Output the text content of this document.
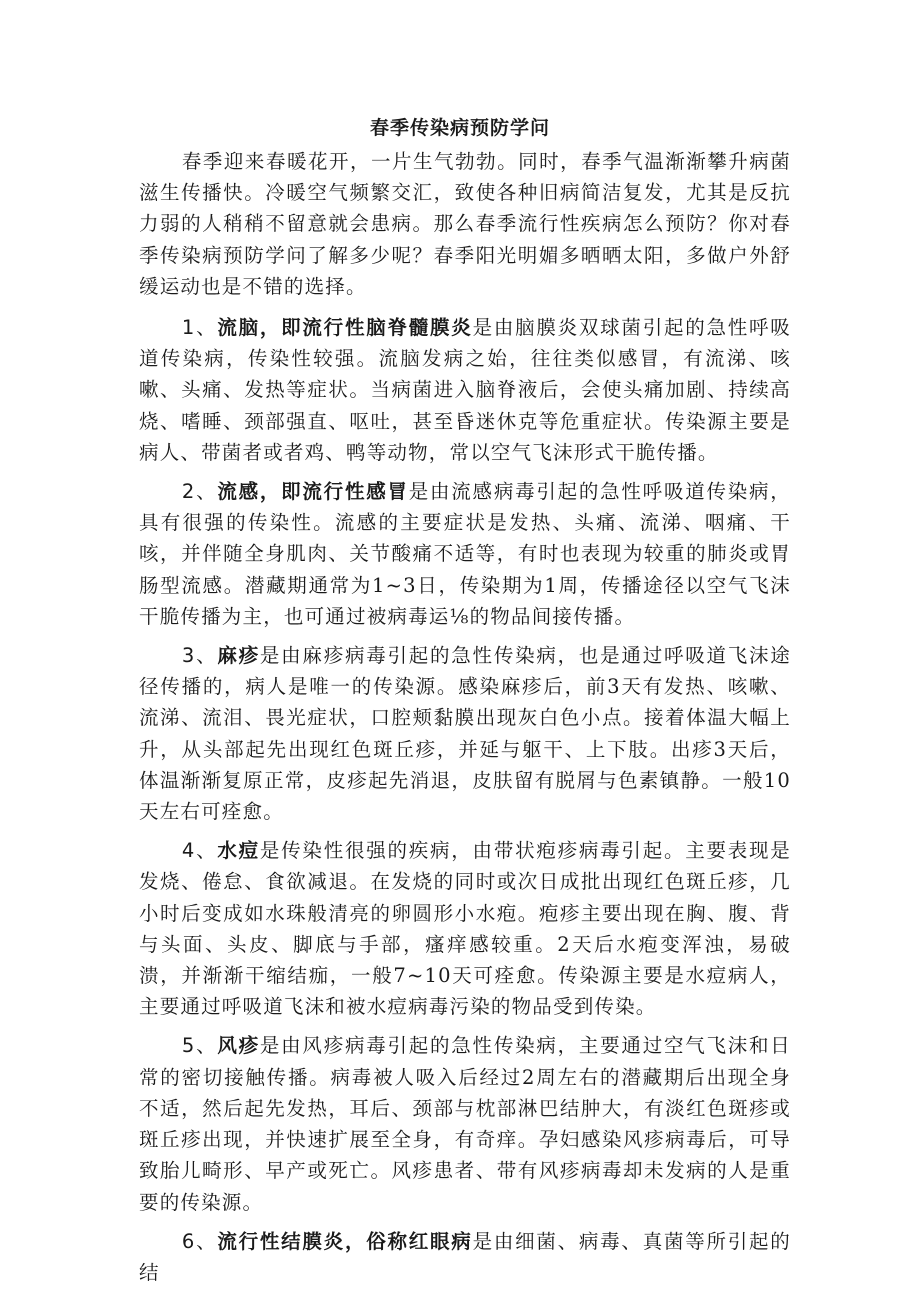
春季传染病预防学问

春季迎来春暖花开，一片生气勃勃。同时，春季气温渐渐攀升病菌滋生传播快。冷暖空气频繁交汇，致使各种旧病简洁复发，尤其是反抗力弱的人稍稍不留意就会患病。那么春季流行性疾病怎么预防？你对春季传染病预防学问了解多少呢？春季阳光明媚多晒晒太阳，多做户外舒缓运动也是不错的选择。

1、流脑，即流行性脑脊髓膜炎是由脑膜炎双球菌引起的急性呼吸道传染病，传染性较强。流脑发病之始，往往类似感冒，有流涕、咳嗽、头痛、发热等症状。当病菌进入脑脊液后，会使头痛加剧、持续高烧、嗜睡、颈部强直、呕吐，甚至昏迷休克等危重症状。传染源主要是病人、带菌者或者鸡、鸭等动物，常以空气飞沫形式干脆传播。

2、流感，即流行性感冒是由流感病毒引起的急性呼吸道传染病，具有很强的传染性。流感的主要症状是发热、头痛、流涕、咽痛、干咳，并伴随全身肌肉、关节酸痛不适等，有时也表现为较重的肺炎或胃肠型流感。潜藏期通常为1~3日，传染期为1周，传播途径以空气飞沫干脆传播为主，也可通过被病毒运⅛的物品间接传播。

3、麻疹是由麻疹病毒引起的急性传染病，也是通过呼吸道飞沫途径传播的，病人是唯一的传染源。感染麻疹后，前3天有发热、咳嗽、流涕、流泪、畏光症状，口腔颊黏膜出现灰白色小点。接着体温大幅上升，从头部起先出现红色斑丘疹，并延与躯干、上下肢。出疹3天后，体温渐渐复原正常，皮疹起先消退，皮肤留有脱屑与色素镇静。一般10天左右可痊愈。

4、水痘是传染性很强的疾病，由带状疱疹病毒引起。主要表现是发烧、倦怠、食欲减退。在发烧的同时或次日成批出现红色斑丘疹，几小时后变成如水珠般清亮的卵圆形小水疱。疱疹主要出现在胸、腹、背与头面、头皮、脚底与手部，瘙痒感较重。2天后水疱变浑浊，易破溃，并渐渐干缩结痂，一般7~10天可痊愈。传染源主要是水痘病人，主要通过呼吸道飞沫和被水痘病毒污染的物品受到传染。

5、风疹是由风疹病毒引起的急性传染病，主要通过空气飞沫和日常的密切接触传播。病毒被人吸入后经过2周左右的潜藏期后出现全身不适，然后起先发热，耳后、颈部与枕部淋巴结肿大，有淡红色斑疹或斑丘疹出现，并快速扩展至全身，有奇痒。孕妇感染风疹病毒后，可导致胎儿畸形、早产或死亡。风疹患者、带有风疹病毒却未发病的人是重要的传染源。

6、流行性结膜炎，俗称红眼病是由细菌、病毒、真菌等所引起的结
